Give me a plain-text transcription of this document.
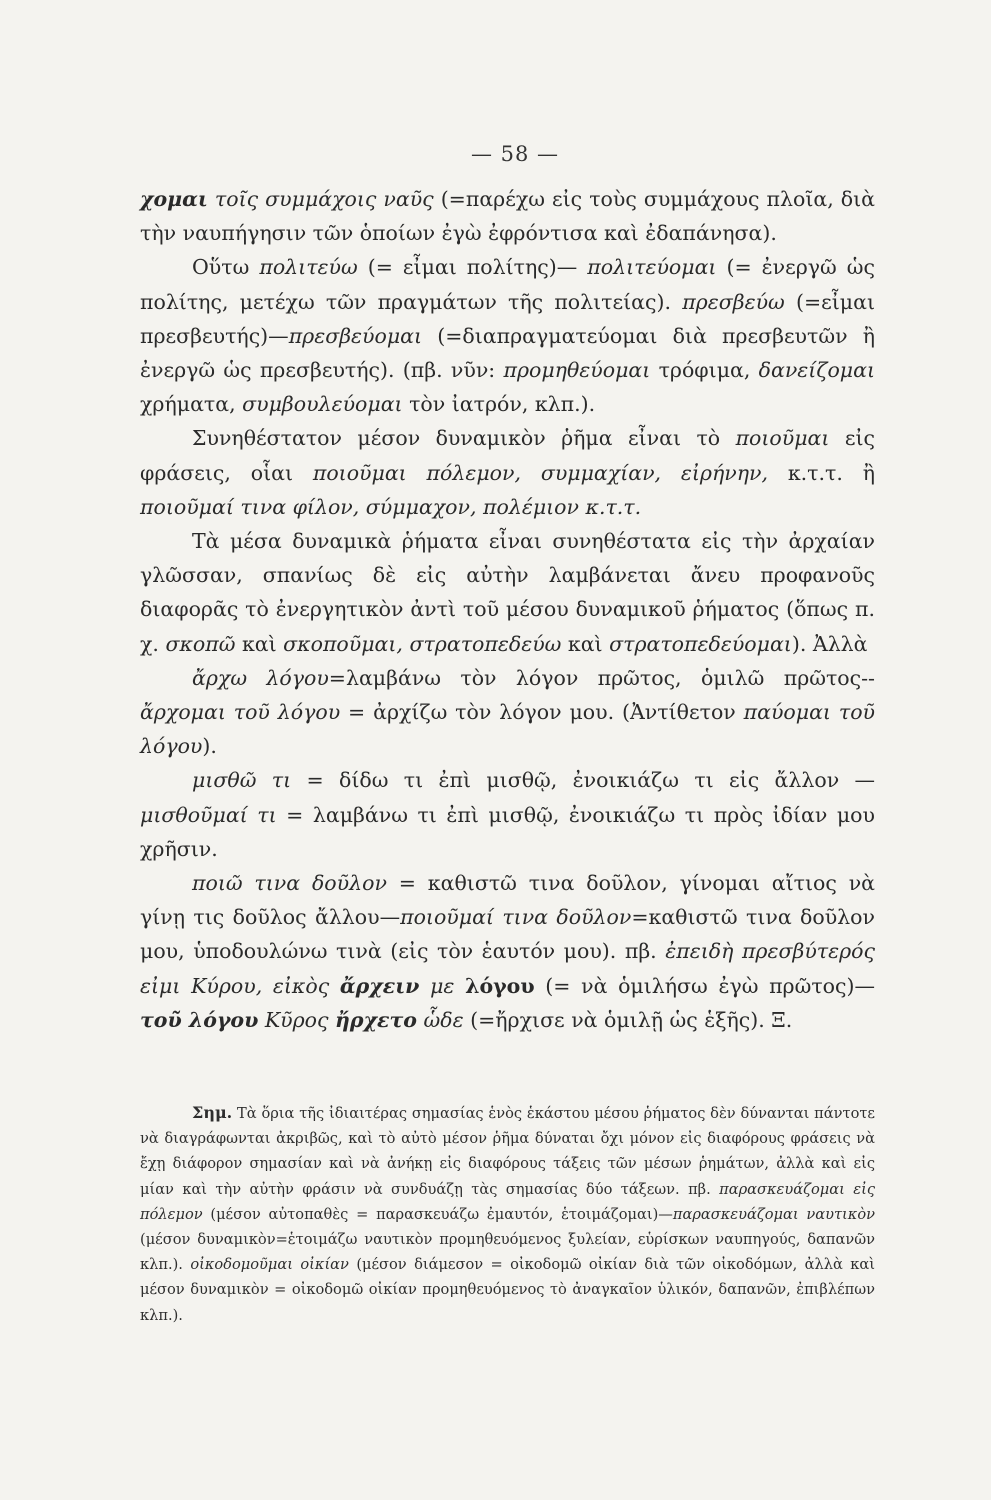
— 58 —

χομαι τοῖς συμμάχοις ναῦς (=παρέχω εἰς τοὺς συμμάχους πλοῖα, διὰ τὴν ναυπήγησιν τῶν ὁποίων ἐγὼ ἐφρόντισα καὶ ἐδαπάνησα).

Οὕτω πολιτεύω (= εἶμαι πολίτης)— πολιτεύομαι (= ἐνεργῶ ὡς πολίτης, μετέχω τῶν πραγμάτων τῆς πολιτείας). πρεσβεύω (=εἶμαι πρεσβευτής)—πρεσβεύομαι (=διαπραγματεύομαι διὰ πρεσβευτῶν ἢ ἐνεργῶ ὡς πρεσβευτής). (πβ. νῦν: προμηθεύομαι τρόφιμα, δανείζομαι χρήματα, συμβουλεύομαι τὸν ἰατρόν, κλπ.).

Συνηθέστατον μέσον δυναμικὸν ῥῆμα εἶναι τὸ ποιοῦμαι εἰς φράσεις, οἷαι ποιοῦμαι πόλεμον, συμμαχίαν, εἰρήνην, κ.τ.τ. ἢ ποιοῦμαί τινα φίλον, σύμμαχον, πολέμιον κ.τ.τ.

Τὰ μέσα δυναμικὰ ῥήματα εἶναι συνηθέστατα εἰς τὴν ἀρχαίαν γλῶσσαν, σπανίως δὲ εἰς αὐτὴν λαμβάνεται ἄνευ προφανοῦς διαφορᾶς τὸ ἐνεργητικὸν ἀντὶ τοῦ μέσου δυναμικοῦ ῥήματος (ὅπως π. χ. σκοπῶ καὶ σκοποῦμαι, στρατοπεδεύω καὶ στρατοπεδεύομαι). Ἀλλὰ

ἄρχω λόγου=λαμβάνω τὸν λόγον πρῶτος, ὁμιλῶ πρῶτος--ἄρχομαι τοῦ λόγου = ἀρχίζω τὸν λόγον μου. (Ἀντίθετον παύομαι τοῦ λόγου).

μισθῶ τι = δίδω τι ἐπὶ μισθῷ, ἐνοικιάζω τι εἰς ἄλλον — μισθοῦμαί τι = λαμβάνω τι ἐπὶ μισθῷ, ἐνοικιάζω τι πρὸς ἰδίαν μου χρῆσιν.

ποιῶ τινα δοῦλον = καθιστῶ τινα δοῦλον, γίνομαι αἴτιος νὰ γίνῃ τις δοῦλος ἄλλου—ποιοῦμαί τινα δοῦλον=καθιστῶ τινα δοῦλον μου, ὑποδουλώνω τινὰ (εἰς τὸν ἑαυτόν μου). πβ. ἐπειδὴ πρεσβύτερός εἰμι Κύρου, εἰκὸς ἄρχειν με λόγου (= νὰ ὁμιλήσω ἐγὼ πρῶτος)—τοῦ λόγου Κῦρος ἤρχετο ὧδε (=ἤρχισε νὰ ὁμιλῇ ὡς ἑξῆς). Ξ.

Σημ. Τὰ ὅρια τῆς ἰδιαιτέρας σημασίας ἑνὸς ἑκάστου μέσου ῥήματος δὲν δύνανται πάντοτε νὰ διαγράφωνται ἀκριβῶς, καὶ τὸ αὐτὸ μέσον ῥῆμα δύναται ὄχι μόνον εἰς διαφόρους φράσεις νὰ ἔχῃ διάφορον σημασίαν καὶ νὰ ἀνήκῃ εἰς διαφόρους τάξεις τῶν μέσων ῥημάτων, ἀλλὰ καὶ εἰς μίαν καὶ τὴν αὐτὴν φράσιν νὰ συνδυάζῃ τὰς σημασίας δύο τάξεων. πβ. παρασκευάζομαι εἰς πόλεμον (μέσον αὐτοπαθὲς = παρασκευάζω ἐμαυτόν, ἑτοιμάζομαι)—παρασκευάζομαι ναυτικὸν (μέσον δυναμικὸν=ἑτοιμάζω ναυτικὸν προμηθευόμενος ξυλείαν, εὑρίσκων ναυπηγούς, δαπανῶν κλπ.). οἰκοδομοῦμαι οἰκίαν (μέσον διάμεσον = οἰκοδομῶ οἰκίαν διὰ τῶν οἰκοδόμων, ἀλλὰ καὶ μέσον δυναμικὸν = οἰκοδομῶ οἰκίαν προμηθευόμενος τὸ ἀναγκαῖον ὑλικόν, δαπανῶν, ἐπιβλέπων κλπ.).
